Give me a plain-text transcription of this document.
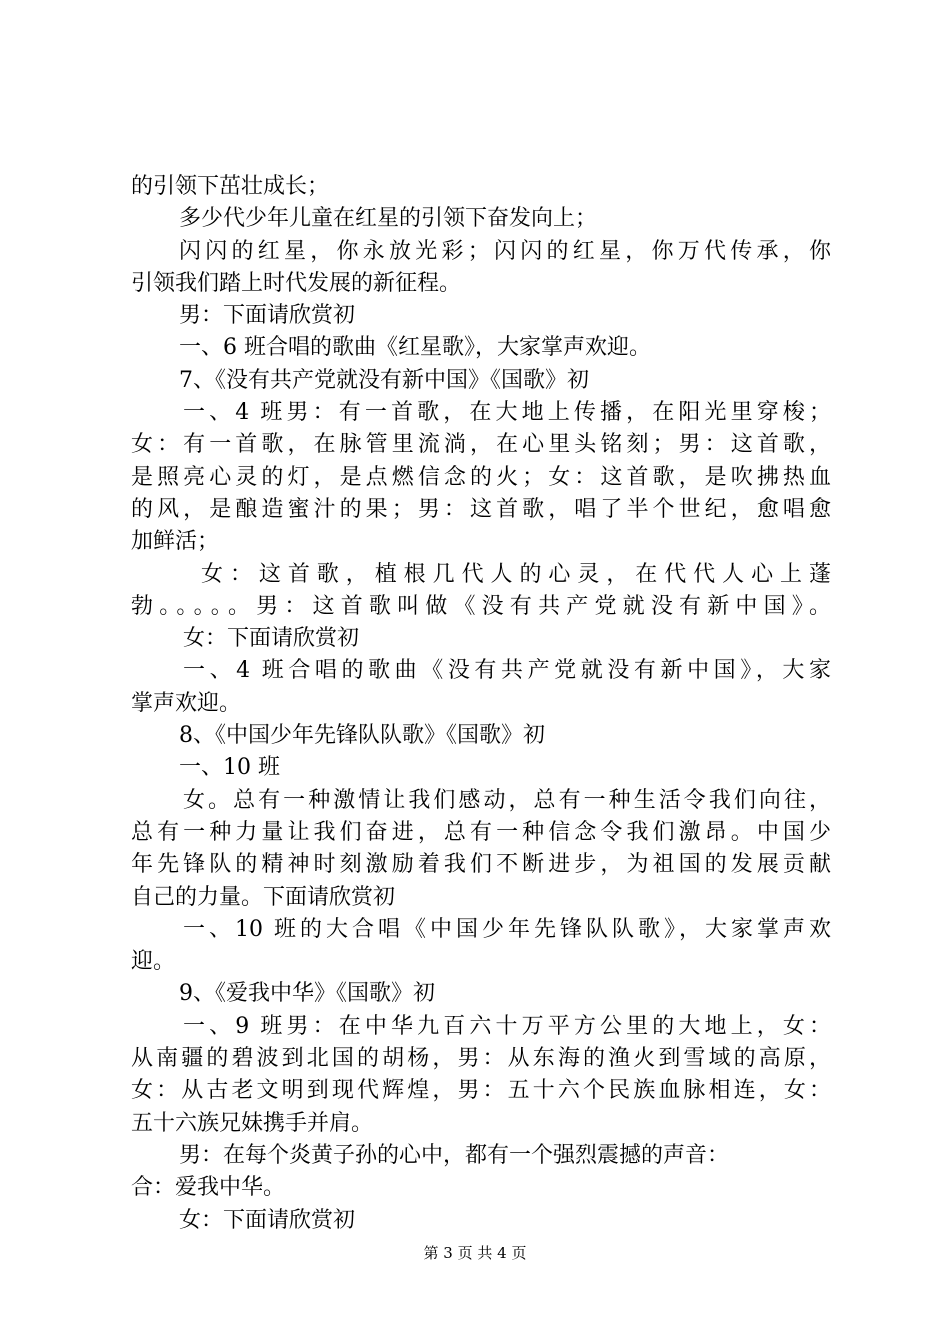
的引领下茁壮成长；
多少代少年儿童在红星的引领下奋发向上；
闪闪的红星，你永放光彩；闪闪的红星，你万代传承，你
引领我们踏上时代发展的新征程。
男：下面请欣赏初
一、6 班合唱的歌曲《红星歌》，大家掌声欢迎。
7、《没有共产党就没有新中国》《国歌》初
一、4 班男：有一首歌，在大地上传播，在阳光里穿梭；
女：有一首歌，在脉管里流淌，在心里头铭刻；男：这首歌，
是照亮心灵的灯，是点燃信念的火；女：这首歌，是吹拂热血
的风，是酿造蜜汁的果；男：这首歌，唱了半个世纪，愈唱愈
加鲜活；
女：这首歌，植根几代人的心灵，在代代人心上蓬
勃。。。。。男：这首歌叫做《没有共产党就没有新中国》。
女：下面请欣赏初
一、4 班合唱的歌曲《没有共产党就没有新中国》，大家
掌声欢迎。
8、《中国少年先锋队队歌》《国歌》初
一、10 班
女。总有一种激情让我们感动，总有一种生活令我们向往，
总有一种力量让我们奋进，总有一种信念令我们激昂。中国少
年先锋队的精神时刻激励着我们不断进步，为祖国的发展贡献
自己的力量。下面请欣赏初
一、10 班的大合唱《中国少年先锋队队歌》，大家掌声欢
迎。
9、《爱我中华》《国歌》初
一、9 班男：在中华九百六十万平方公里的大地上，女：
从南疆的碧波到北国的胡杨，男：从东海的渔火到雪域的高原，
女：从古老文明到现代辉煌，男：五十六个民族血脉相连，女：
五十六族兄妹携手并肩。
男：在每个炎黄子孙的心中，都有一个强烈震撼的声音：
合：爱我中华。
女：下面请欣赏初
第 3 页 共 4 页
